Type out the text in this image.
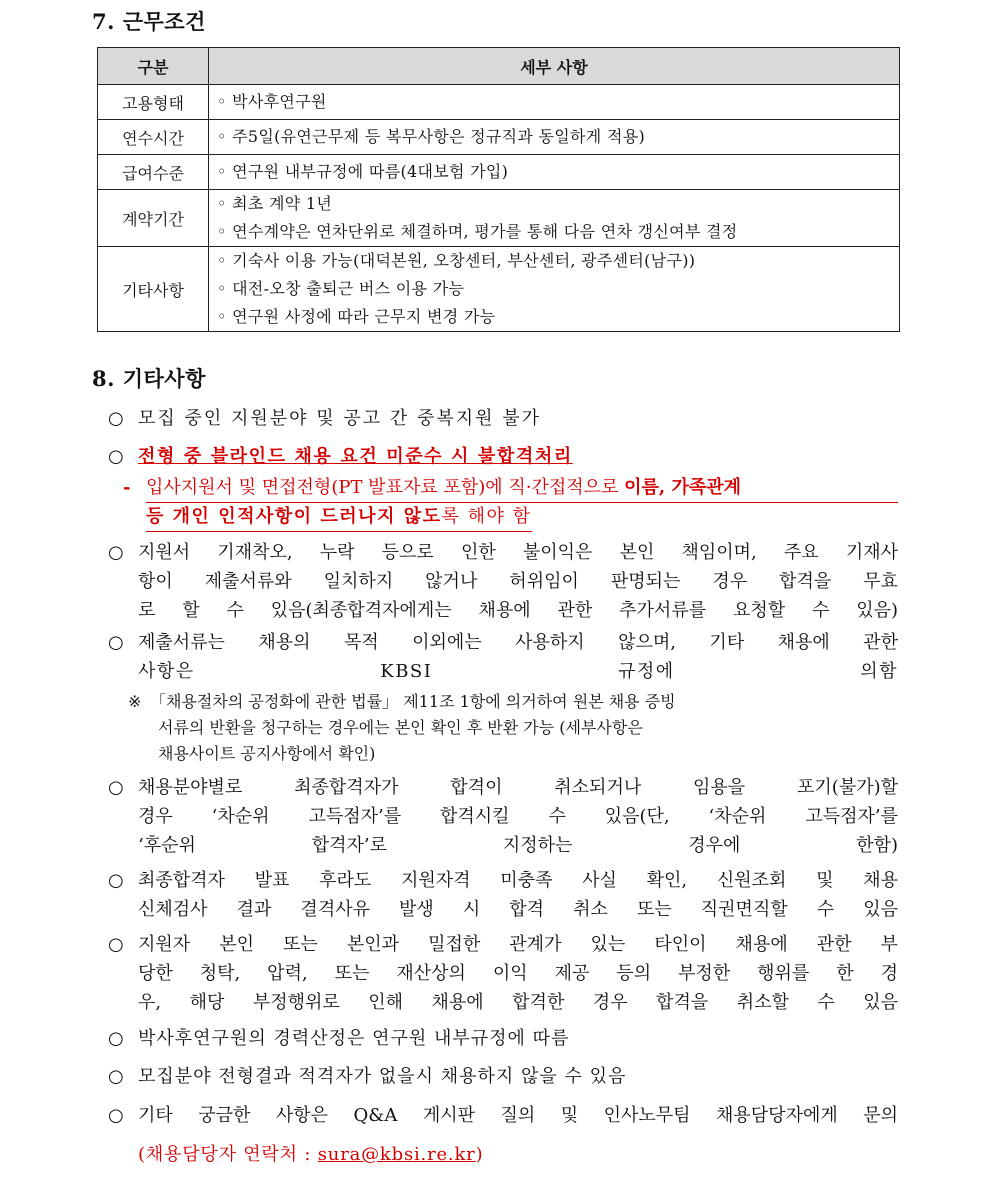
7. 근무조건
구분	세부 사항
고용형태	◦ 박사후연구원

연수시간	◦ 주5일(유연근무제 등 복무사항은 정규직과 동일하게 적용)

급여수준	◦ 연구원 내부규정에 따름(4대보험 가입)

계약기간	◦ 최초 계약 1년
◦ 연수계약은 연차단위로 체결하며, 평가를 통해 다음 연차 갱신여부 결정

기타사항	◦ 기숙사 이용 가능(대덕본원, 오창센터, 부산센터, 광주센터(남구))
◦ 대전-오창 출퇴근 버스 이용 가능
◦ 연구원 사정에 따라 근무지 변경 가능
8. 기타사항
○ 모집 중인 지원분야 및 공고 간 중복지원 불가
○ 전형 중 블라인드 채용 요건 미준수 시 불합격처리
- 입사지원서 및 면접전형(PT 발표자료 포함)에 직·간접적으로 이름, 가족관계
등 개인 인적사항이 드러나지 않도록 해야 함
○ 지원서 기재착오, 누락 등으로 인한 불이익은 본인 책임이며, 주요 기재사
항이 제출서류와 일치하지 않거나 허위임이 판명되는 경우 합격을 무효
로 할 수 있음(최종합격자에게는 채용에 관한 추가서류를 요청할 수 있음)
○ 제출서류는 채용의 목적 이외에는 사용하지 않으며, 기타 채용에 관한
사항은 KBSI 규정에 의함
※ 「채용절차의 공정화에 관한 법률」 제11조 1항에 의거하여 원본 채용 증빙
서류의 반환을 청구하는 경우에는 본인 확인 후 반환 가능 (세부사항은
채용사이트 공지사항에서 확인)
○ 채용분야별로 최종합격자가 합격이 취소되거나 임용을 포기(불가)할
경우 ‘차순위 고득점자’를 합격시킬 수 있음(단, ‘차순위 고득점자’를
‘후순위 합격자’로 지정하는 경우에 한함)
○ 최종합격자 발표 후라도 지원자격 미충족 사실 확인, 신원조회 및 채용
신체검사 결과 결격사유 발생 시 합격 취소 또는 직권면직할 수 있음
○ 지원자 본인 또는 본인과 밀접한 관계가 있는 타인이 채용에 관한 부
당한 청탁, 압력, 또는 재산상의 이익 제공 등의 부정한 행위를 한 경
우, 해당 부정행위로 인해 채용에 합격한 경우 합격을 취소할 수 있음
○ 박사후연구원의 경력산정은 연구원 내부규정에 따름
○ 모집분야 전형결과 적격자가 없을시 채용하지 않을 수 있음
○ 기타 궁금한 사항은 Q&A 게시판 질의 및 인사노무팀 채용담당자에게 문의
(채용담당자 연락처 : sura@kbsi.re.kr)
